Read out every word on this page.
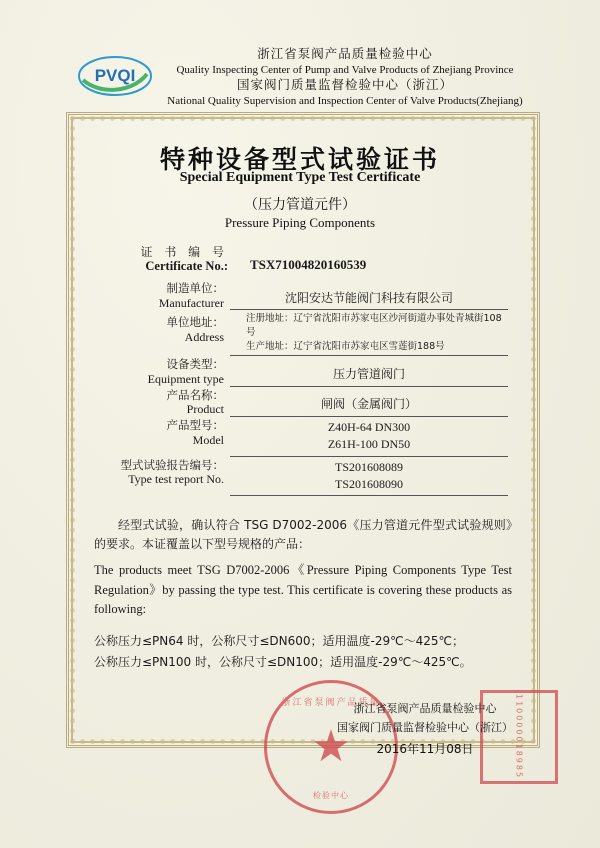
PVQI
浙江省泵阀产品质量检验中心
Quality Inspecting Center of Pump and Valve Products of Zhejiang Province
国家阀门质量监督检验中心（浙江）
National Quality Supervision and Inspection Center of Valve Products(Zhejiang)
特种设备型式试验证书
Special Equipment Type Test Certificate
（压力管道元件）
Pressure Piping Components
证 书 编 号
Certificate No.:	TSX71004820160539
制造单位：
Manufacturer	沈阳安达节能阀门科技有限公司
单位地址：
Address
注册地址：辽宁省沈阳市苏家屯区沙河街道办事处青城街108号
生产地址：辽宁省沈阳市苏家屯区雪莲街188号
设备类型：
Equipment type	压力管道阀门
产品名称：
Product	闸阀（金属阀门）
产品型号：
Model
Z40H-64 DN300
Z61H-100 DN50
型式试验报告编号：
Type test report No.
TS201608089
TS201608090
经型式试验，确认符合 TSG D7002-2006《压力管道元件型式试验规则》的要求。本证覆盖以下型号规格的产品：
The products meet TSG D7002-2006《Pressure Piping Components Type Test Regulation》by passing the type test. This certificate is covering these products as following:
公称压力≤PN64 时，公称尺寸≤DN600；适用温度-29℃～425℃；
公称压力≤PN100 时，公称尺寸≤DN100；适用温度-29℃～425℃。
浙江省泵阀产品质量
★
检验中心
110000018985
浙江省泵阀产品质量检验中心
国家阀门质量监督检验中心（浙江）
2016年11月08日
